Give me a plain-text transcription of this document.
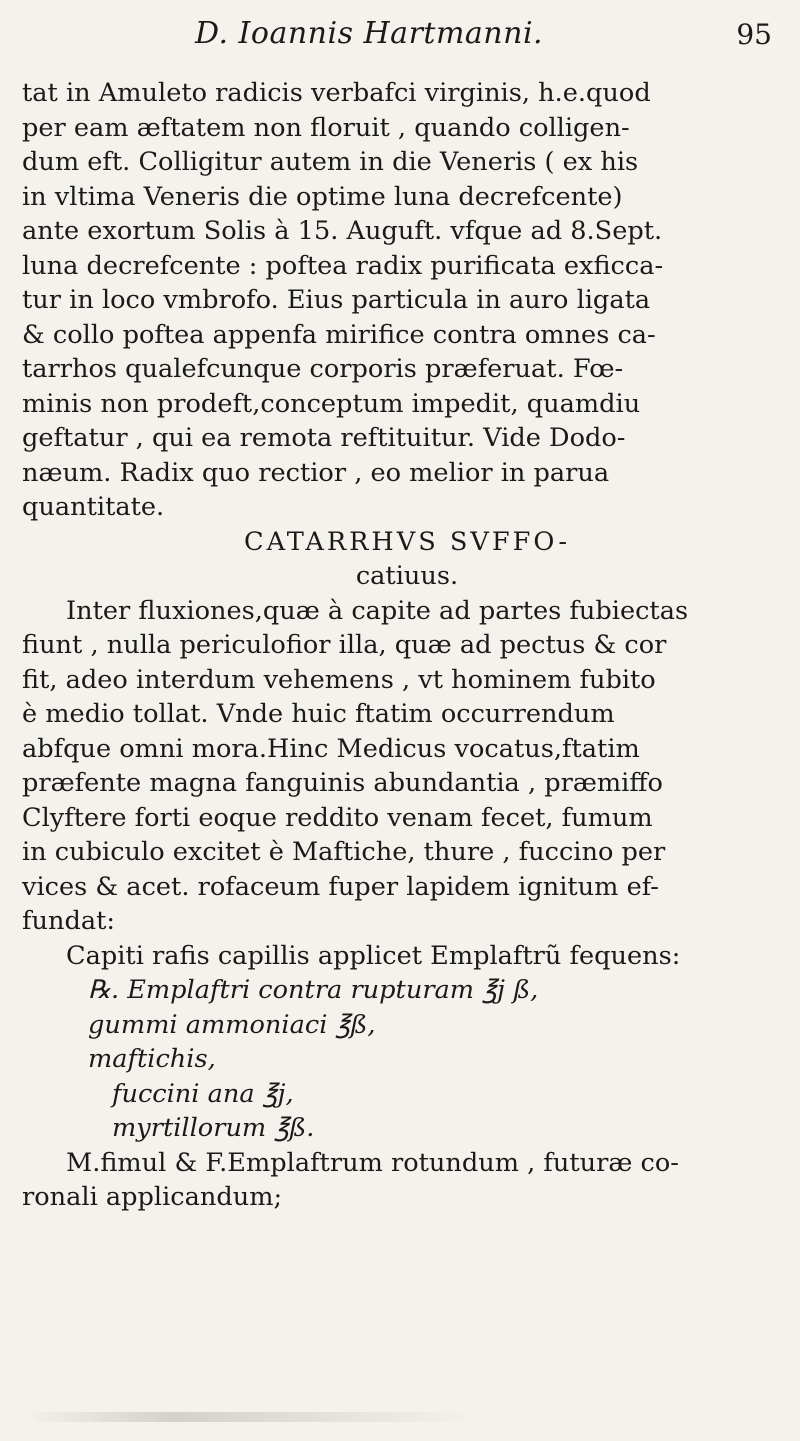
D. Ioannis Hartmanni.	95
tat in Amuleto radicis verbafci virginis, h.e.quod
per eam æftatem non floruit , quando colligen-
dum eft. Colligitur autem in die Veneris ( ex his
in vltima Veneris die optime luna decrefcente)
ante exortum Solis à 15. Auguft. vfque ad 8.Sept.
luna decrefcente : poftea radix purificata exficca-
tur in loco vmbrofo. Eius particula in auro ligata
& collo poftea appenfa mirifice contra omnes ca-
tarrhos qualefcunque corporis præferuat. Fœ-
minis non prodeft,conceptum impedit, quamdiu
geftatur , qui ea remota reftituitur. Vide Dodo-
næum. Radix quo rectior , eo melior in parua
quantitate.
CATARRHVS SVFFO-
catiuus.
Inter fluxiones,quæ à capite ad partes fubiectas
fiunt , nulla periculofior illa, quæ ad pectus & cor
fit, adeo interdum vehemens , vt hominem fubito
è medio tollat. Vnde huic ftatim occurrendum
abfque omni mora.Hinc Medicus vocatus,ftatim
præfente magna fanguinis abundantia , præmiffo
Clyftere forti eoque reddito venam fecet, fumum
in cubiculo excitet è Maftiche, thure , fuccino per
vices & acet. rofaceum fuper lapidem ignitum ef-
fundat:
Capiti rafis capillis applicet Emplaftrũ fequens:
℞. Emplaftri contra rupturam ℥j ß,
gummi ammoniaci ℥ß,
maftichis,
fuccini ana ℥j,
myrtillorum ℥ß.
M.fimul & F.Emplaftrum rotundum , futuræ co-
ronali applicandum;
